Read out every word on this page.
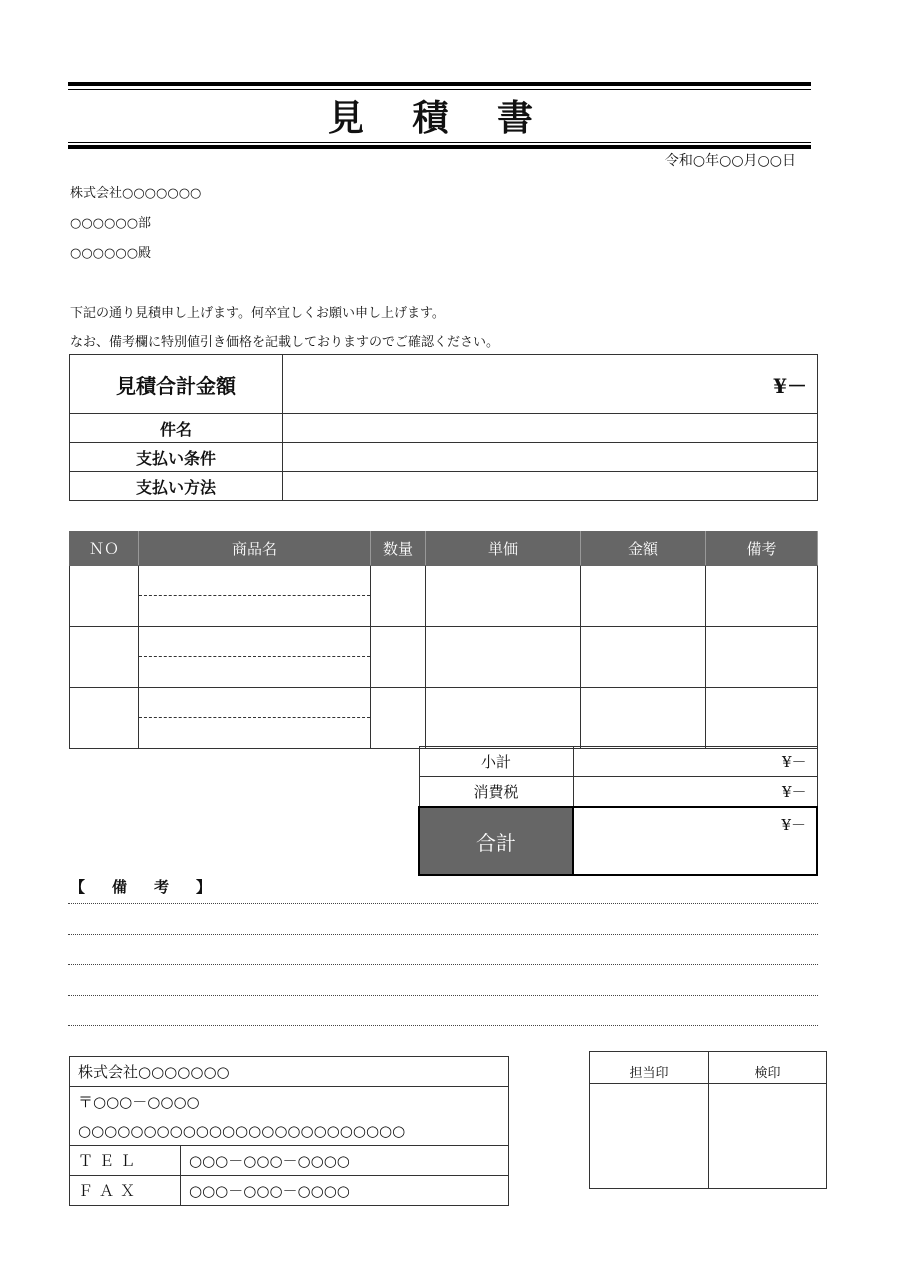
見 積 書
令和○年○○月○○日
株式会社○○○○○○○
○○○○○○部
○○○○○○殿
下記の通り見積申し上げます。何卒宜しくお願い申し上げます。
なお、備考欄に特別値引き価格を記載しておりますのでご確認ください。
見積合計金額	¥－
件名	
支払い条件	
支払い方法	
ＮＯ	商品名	数量	単価	金額	備考

小計	¥－
消費税	¥－
合計	¥－
【　備　考　】
株式会社○○○○○○○	
〒○○○－○○○○	
○○○○○○○○○○○○○○○○○○○○○○○○○	
ＴＥＬ	○○○－○○○－○○○○
ＦＡＸ	○○○－○○○－○○○○
担当印	検印
